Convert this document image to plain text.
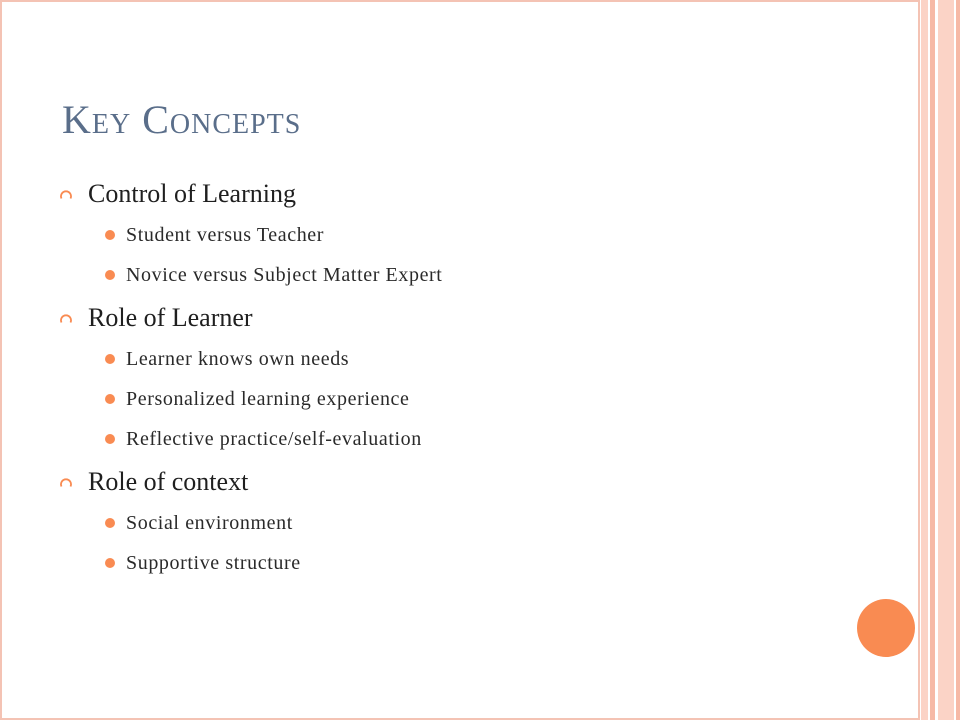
Key Concepts
Control of Learning
Student versus Teacher
Novice versus Subject Matter Expert
Role of Learner
Learner knows own needs
Personalized learning experience
Reflective practice/self-evaluation
Role of context
Social environment
Supportive structure
